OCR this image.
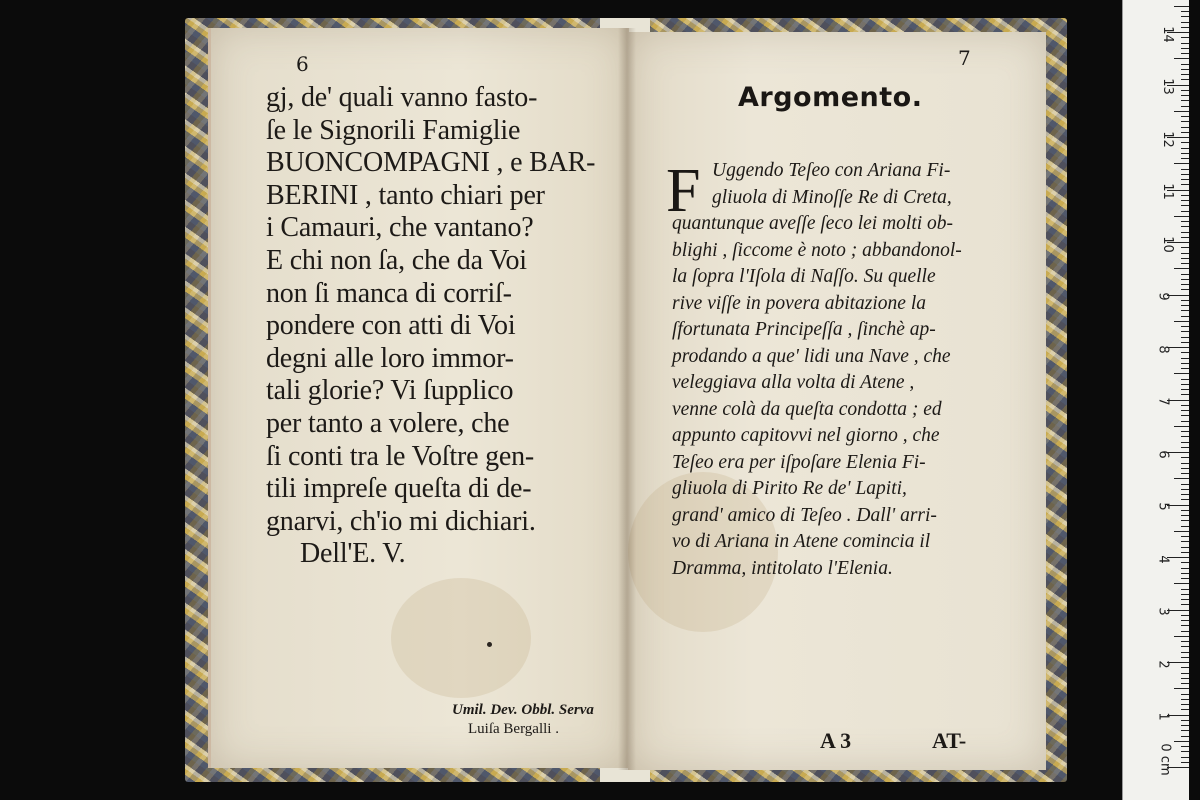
6
gj, de' quali vanno fasto-
ſe le Signorili Famiglie
BUONCOMPAGNI , e BAR-
BERINI , tanto chiari per
i Camauri, che vantano?
E chi non ſa, che da Voi
non ſi manca di corriſ-
pondere con atti di Voi
degni alle loro immor-
tali glorie? Vi ſupplico
per tanto a volere, che
ſi conti tra le Voſtre gen-
tili impreſe queſta di de-
gnarvi, ch'io mi dichiari.
Dell'E. V.
Umil. Dev. Obbl. Serva
Luiſa Bergalli .
7
Argomento.
F Uggendo Teſeo con Ariana Fi-
gliuola di Minoſſe Re di Creta,
quantunque aveſſe ſeco lei molti ob-
blighi , ſiccome è noto ; abbandonol-
la ſopra l'Iſola di Naſſo. Su quelle
rive viſſe in povera abitazione la
ſfortunata Principeſſa , ſinchè ap-
prodando a que' lidi una Nave , che
veleggiava alla volta di Atene ,
venne colà da queſta condotta ; ed
appunto capitovvi nel giorno , che
Teſeo era per iſpoſare Elenia Fi-
gliuola di Pirito Re de' Lapiti,
grand' amico di Teſeo . Dall' arri-
vo di Ariana in Atene comincia il
Dramma, intitolato l'Elenia.
A 3	AT-
0 cm
1
2
3
4
5
6
7
8
9
10
11
12
13
14
